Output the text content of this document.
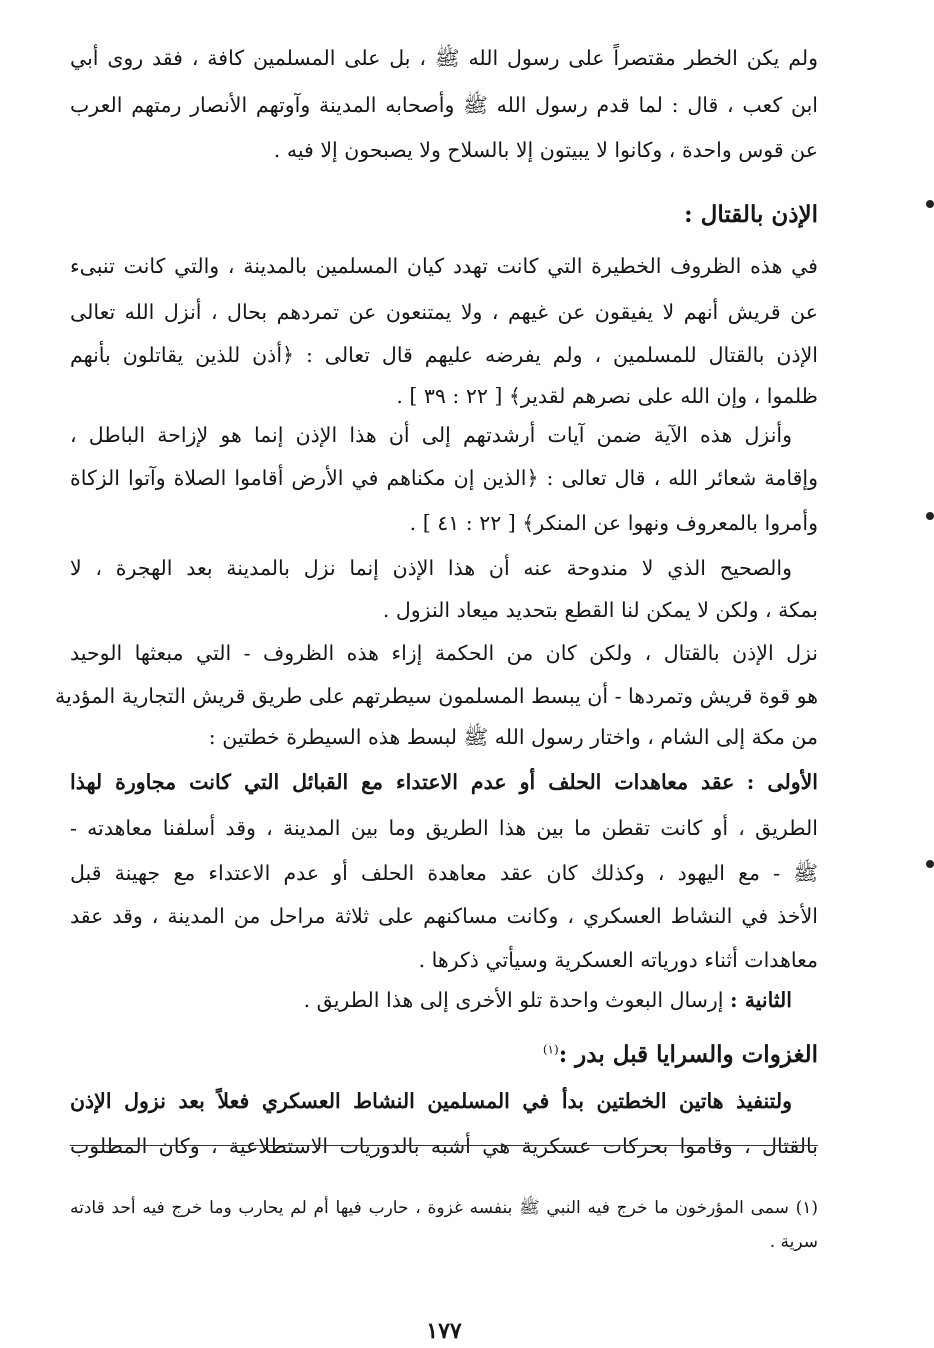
ولم يكن الخطر مقتصراً على رسول الله ﷺ ، بل على المسلمين كافة ، فقد روى أبي
ابن كعب ، قال : لما قدم رسول الله ﷺ وأصحابه المدينة وآوتهم الأنصار رمتهم العرب
عن قوس واحدة ، وكانوا لا يبيتون إلا بالسلاح ولا يصبحون إلا فيه .
الإذن بالقتال :
في هذه الظروف الخطيرة التي كانت تهدد كيان المسلمين بالمدينة ، والتي كانت تنبىء
عن قريش أنهم لا يفيقون عن غيهم ، ولا يمتنعون عن تمردهم بحال ، أنزل الله تعالى
الإذن بالقتال للمسلمين ، ولم يفرضه عليهم قال تعالى : ﴿أذن للذين يقاتلون بأنهم
ظلموا ، وإن الله على نصرهم لقدير﴾ [ ٢٢ : ٣٩ ] .
وأنزل هذه الآية ضمن آيات أرشدتهم إلى أن هذا الإذن إنما هو لإزاحة الباطل ،
وإقامة شعائر الله ، قال تعالى : ﴿الذين إن مكناهم في الأرض أقاموا الصلاة وآتوا الزكاة
وأمروا بالمعروف ونهوا عن المنكر﴾ [ ٢٢ : ٤١ ] .
والصحيح الذي لا مندوحة عنه أن هذا الإذن إنما نزل بالمدينة بعد الهجرة ، لا
بمكة ، ولكن لا يمكن لنا القطع بتحديد ميعاد النزول .
نزل الإذن بالقتال ، ولكن كان من الحكمة إزاء هذه الظروف - التي مبعثها الوحيد
هو قوة قريش وتمردها - أن يبسط المسلمون سيطرتهم على طريق قريش التجارية المؤدية
من مكة إلى الشام ، واختار رسول الله ﷺ لبسط هذه السيطرة خطتين :
الأولى : عقد معاهدات الحلف أو عدم الاعتداء مع القبائل التي كانت مجاورة لهذا
الطريق ، أو كانت تقطن ما بين هذا الطريق وما بين المدينة ، وقد أسلفنا معاهدته -
ﷺ - مع اليهود ، وكذلك كان عقد معاهدة الحلف أو عدم الاعتداء مع جهينة قبل
الأخذ في النشاط العسكري ، وكانت مساكنهم على ثلاثة مراحل من المدينة ، وقد عقد
معاهدات أثناء دورياته العسكرية وسيأتي ذكرها .
الثانية : إرسال البعوث واحدة تلو الأخرى إلى هذا الطريق .
الغزوات والسرايا قبل بدر :$^{(١)}$
ولتنفيذ هاتين الخطتين بدأ في المسلمين النشاط العسكري فعلاً بعد نزول الإذن
بالقتال ، وقاموا بحركات عسكرية هي أشبه بالدوريات الاستطلاعية ، وكان المطلوب
(١) سمى المؤرخون ما خرج فيه النبي ﷺ بنفسه غزوة ، حارب فيها أم لم يحارب وما خرج فيه أحد قادته
سرية .
١٧٧
